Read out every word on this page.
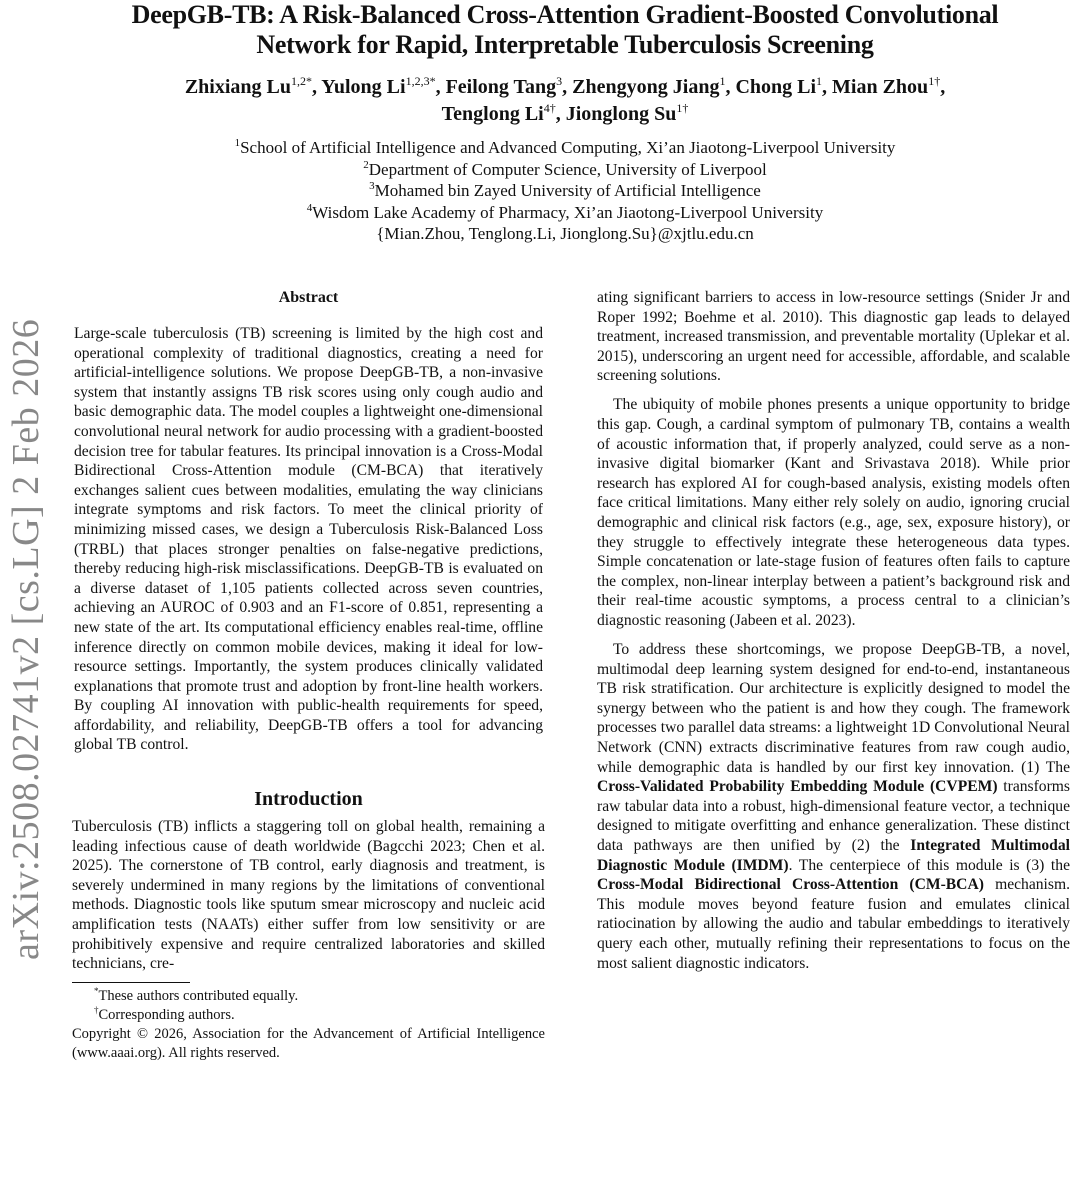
DeepGB-TB: A Risk-Balanced Cross-Attention Gradient-Boosted Convolutional
Network for Rapid, Interpretable Tuberculosis Screening
Zhixiang $Lu^{1,2*}$, Yulong $Li^{1,2,3*}$, Feilong Tang$^3$, Zhengyong Jiang$^1$, Chong Li$^1$, Mian Zhou$^{1\dagger}$,
Tenglong $Li^{4\dagger}$, Jionglong $Su^{1\dagger}$
$^1$School of Artificial Intelligence and Advanced Computing, Xi’an Jiaotong-Liverpool University
$^2$Department of Computer Science, University of Liverpool
$^3$Mohamed bin Zayed University of Artificial Intelligence
$^4$Wisdom Lake Academy of Pharmacy, Xi’an Jiaotong-Liverpool University
{Mian.Zhou, Tenglong.Li, Jionglong.Su}@xjtlu.edu.cn
arXiv:2508.02741v2 [cs.LG] 2 Feb 2026
Abstract

Large-scale tuberculosis (TB) screening is limited by the high cost and operational complexity of traditional diagnostics, creating a need for artificial-intelligence solutions. We propose DeepGB-TB, a non-invasive system that instantly assigns TB risk scores using only cough audio and basic demographic data. The model couples a lightweight one-dimensional convolutional neural network for audio processing with a gradient-boosted decision tree for tabular features. Its principal innovation is a Cross-Modal Bidirectional Cross-Attention module (CM-BCA) that iteratively exchanges salient cues between modalities, emulating the way clinicians integrate symptoms and risk factors. To meet the clinical priority of minimizing missed cases, we design a Tuberculosis Risk-Balanced Loss (TRBL) that places stronger penalties on false-negative predictions, thereby reducing high-risk misclassifications. DeepGB-TB is evaluated on a diverse dataset of 1,105 patients collected across seven countries, achieving an AUROC of 0.903 and an F1-score of 0.851, representing a new state of the art. Its computational efficiency enables real-time, offline inference directly on common mobile devices, making it ideal for low-resource settings. Importantly, the system produces clinically validated explanations that promote trust and adoption by front-line health workers. By coupling AI innovation with public-health requirements for speed, affordability, and reliability, DeepGB-TB offers a tool for advancing global TB control.

Introduction

Tuberculosis (TB) inflicts a staggering toll on global health, remaining a leading infectious cause of death worldwide (Bagcchi 2023; Chen et al. 2025). The cornerstone of TB control, early diagnosis and treatment, is severely undermined in many regions by the limitations of conventional methods. Diagnostic tools like sputum smear microscopy and nucleic acid amplification tests (NAATs) either suffer from low sensitivity or are prohibitively expensive and require centralized laboratories and skilled technicians, cre-

*These authors contributed equally.
†Corresponding authors.
Copyright © 2026, Association for the Advancement of Artificial Intelligence (www.aaai.org). All rights reserved.

ating significant barriers to access in low-resource settings (Snider Jr and Roper 1992; Boehme et al. 2010). This diagnostic gap leads to delayed treatment, increased transmission, and preventable mortality (Uplekar et al. 2015), underscoring an urgent need for accessible, affordable, and scalable screening solutions.

The ubiquity of mobile phones presents a unique opportunity to bridge this gap. Cough, a cardinal symptom of pulmonary TB, contains a wealth of acoustic information that, if properly analyzed, could serve as a non-invasive digital biomarker (Kant and Srivastava 2018). While prior research has explored AI for cough-based analysis, existing models often face critical limitations. Many either rely solely on audio, ignoring crucial demographic and clinical risk factors (e.g., age, sex, exposure history), or they struggle to effectively integrate these heterogeneous data types. Simple concatenation or late-stage fusion of features often fails to capture the complex, non-linear interplay between a patient’s background risk and their real-time acoustic symptoms, a process central to a clinician’s diagnostic reasoning (Jabeen et al. 2023).

To address these shortcomings, we propose DeepGB-TB, a novel, multimodal deep learning system designed for end-to-end, instantaneous TB risk stratification. Our architecture is explicitly designed to model the synergy between who the patient is and how they cough. The framework processes two parallel data streams: a lightweight 1D Convolutional Neural Network (CNN) extracts discriminative features from raw cough audio, while demographic data is handled by our first key innovation. (1) The Cross-Validated Probability Embedding Module (CVPEM) transforms raw tabular data into a robust, high-dimensional feature vector, a technique designed to mitigate overfitting and enhance generalization. These distinct data pathways are then unified by (2) the Integrated Multimodal Diagnostic Module (IMDM). The centerpiece of this module is (3) the Cross-Modal Bidirectional Cross-Attention (CM-BCA) mechanism. This module moves beyond feature fusion and emulates clinical ratiocination by allowing the audio and tabular embeddings to iteratively query each other, mutually refining their representations to focus on the most salient diagnostic indicators.
